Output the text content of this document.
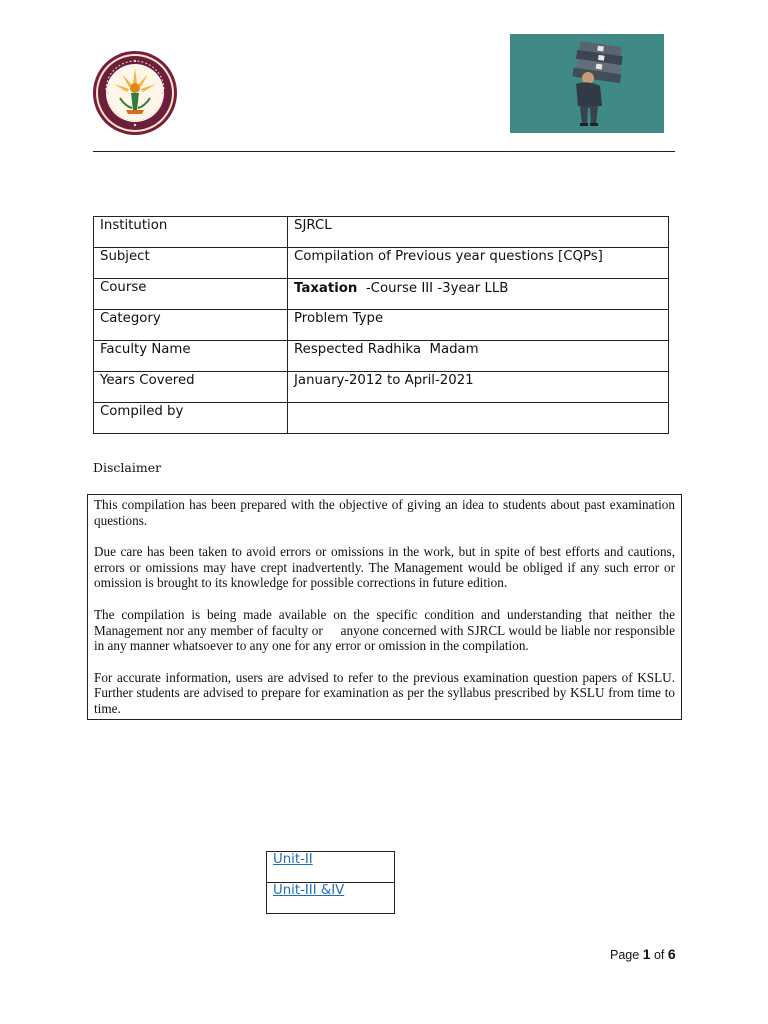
Institution	SJRCL
Subject	Compilation of Previous year questions [CQPs]
Course	Taxation -Course III -3year LLB
Category	Problem Type
Faculty Name	Respected Radhika  Madam
Years Covered	January-2012 to April-2021
Compiled by	
Disclaimer

This compilation has been prepared with the objective of giving an idea to students about past examination questions.

Due care has been taken to avoid errors or omissions in the work, but in spite of best efforts and cautions, errors or omissions may have crept inadvertently. The Management would be obliged if any such error or omission is brought to its knowledge for possible corrections in future edition.

The compilation is being made available on the specific condition and understanding that neither the Management nor any member of faculty or     anyone concerned with SJRCL would be liable nor responsible in any manner whatsoever to any one for any error or omission in the compilation.

For accurate information, users are advised to refer to the previous examination question papers of KSLU. Further students are advised to prepare for examination as per the syllabus prescribed by KSLU from time to time.

Unit-II
Unit-III &IV
Page 1 of 6
